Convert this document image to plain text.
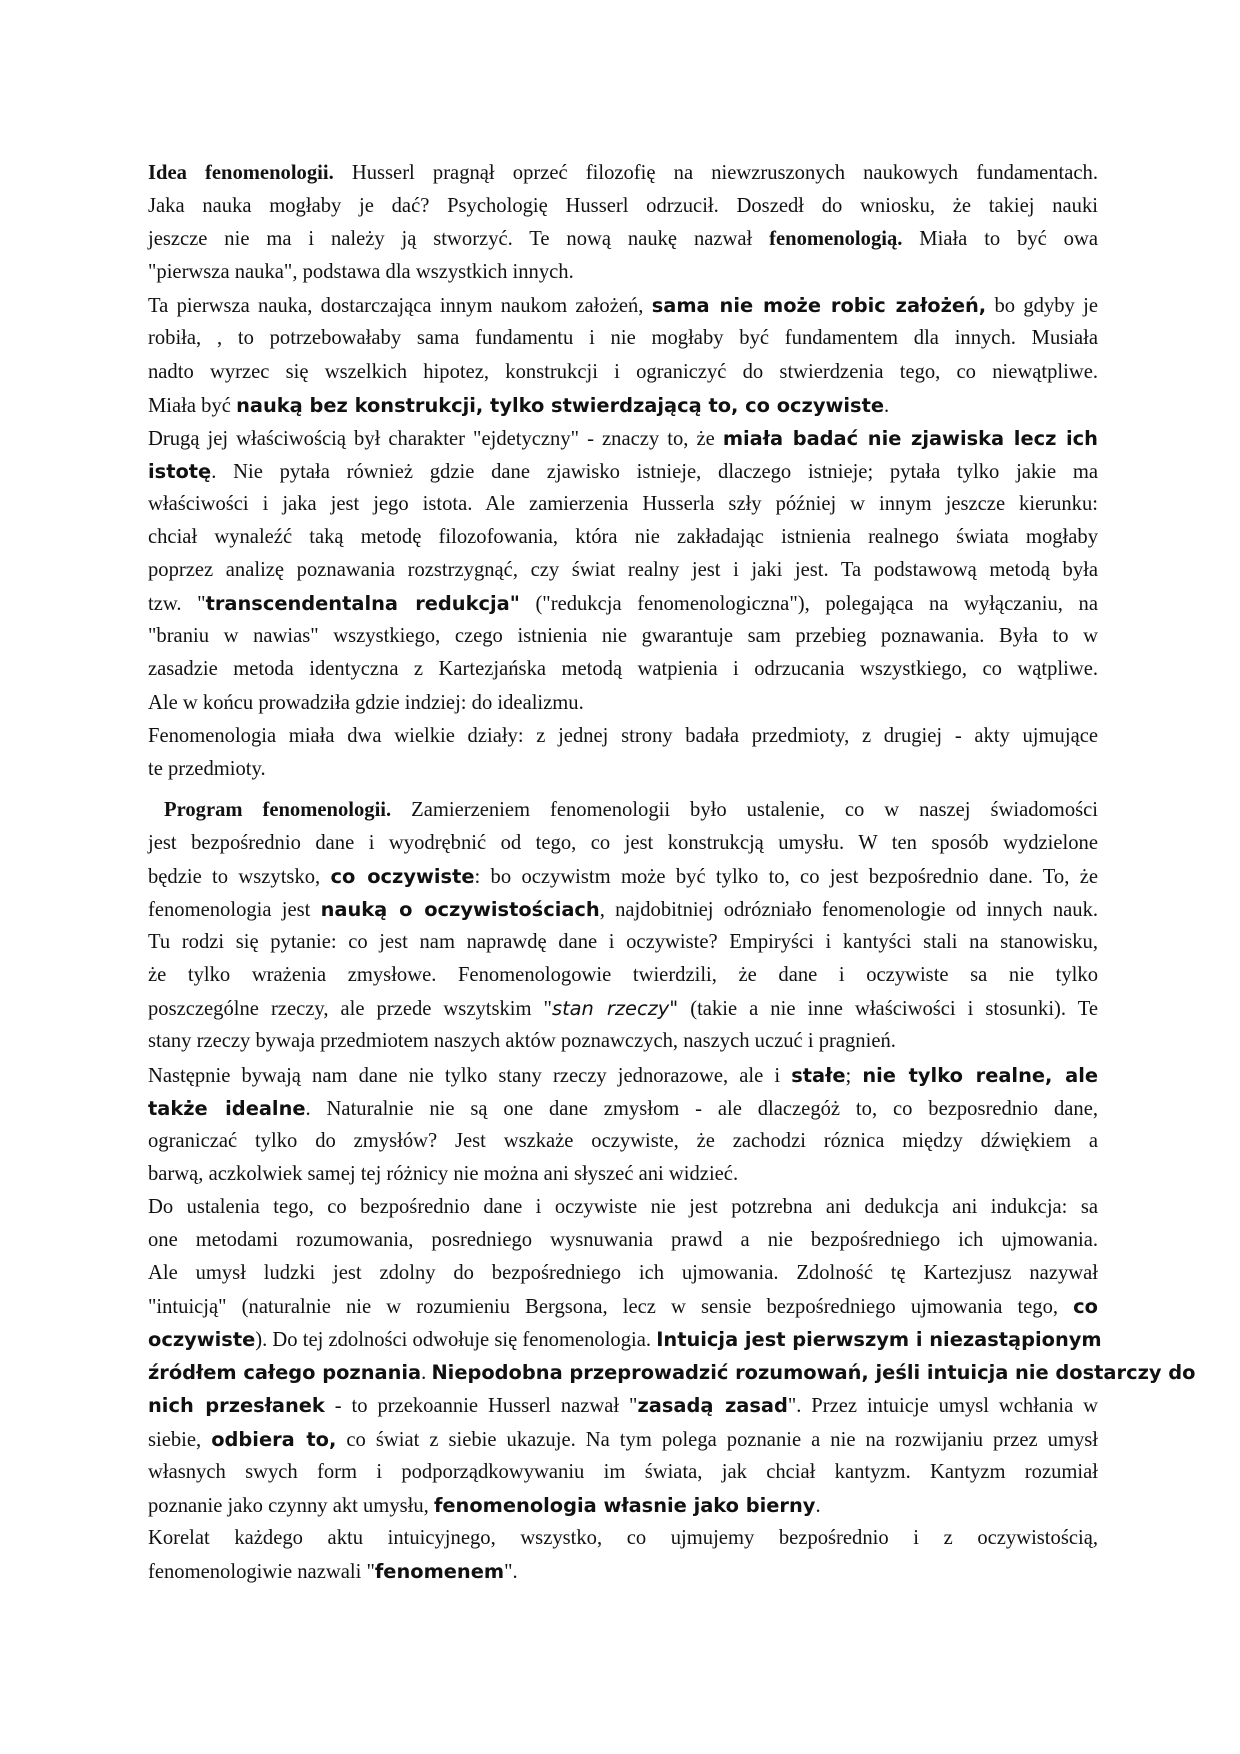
Idea fenomenologii. Husserl pragnął oprzeć filozofię na niewzruszonych naukowych fundamentach.
Jaka nauka mogłaby je dać? Psychologię Husserl odrzucił. Doszedł do wniosku, że takiej nauki
jeszcze nie ma i należy ją stworzyć. Te nową naukę nazwał fenomenologią. Miała to być owa
"pierwsza nauka", podstawa dla wszystkich innych.
Ta pierwsza nauka, dostarczająca innym naukom założeń, sama nie może robic założeń, bo gdyby je
robiła, , to potrzebowałaby sama fundamentu i nie mogłaby być fundamentem dla innych. Musiała
nadto wyrzec się wszelkich hipotez, konstrukcji i ograniczyć do stwierdzenia tego, co niewątpliwe.
Miała być nauką bez konstrukcji, tylko stwierdzającą to, co oczywiste.
Drugą jej właściwością był charakter "ejdetyczny" - znaczy to, że miała badać nie zjawiska lecz ich
istotę. Nie pytała również gdzie dane zjawisko istnieje, dlaczego istnieje; pytała tylko jakie ma
właściwości i jaka jest jego istota. Ale zamierzenia Husserla szły później w innym jeszcze kierunku:
chciał wynaleźć taką metodę filozofowania, która nie zakładając istnienia realnego świata mogłaby
poprzez analizę poznawania rozstrzygnąć, czy świat realny jest i jaki jest. Ta podstawową metodą była
tzw. "transcendentalna redukcja" ("redukcja fenomenologiczna"), polegająca na wyłączaniu, na
"braniu w nawias" wszystkiego, czego istnienia nie gwarantuje sam przebieg poznawania. Była to w
zasadzie metoda identyczna z Kartezjańska metodą watpienia i odrzucania wszystkiego, co wątpliwe.
Ale w końcu prowadziła gdzie indziej: do idealizmu.
Fenomenologia miała dwa wielkie działy: z jednej strony badała przedmioty, z drugiej - akty ujmujące
te przedmioty.
Program fenomenologii. Zamierzeniem fenomenologii było ustalenie, co w naszej świadomości
jest bezpośrednio dane i wyodrębnić od tego, co jest konstrukcją umysłu. W ten sposób wydzielone
będzie to wszytsko, co oczywiste: bo oczywistm może być tylko to, co jest bezpośrednio dane. To, że
fenomenologia jest nauką o oczywistościach, najdobitniej odrózniało fenomenologie od innych nauk.
Tu rodzi się pytanie: co jest nam naprawdę dane i oczywiste? Empiryści i kantyści stali na stanowisku,
że tylko wrażenia zmysłowe. Fenomenologowie twierdzili, że dane i oczywiste sa nie tylko
poszczególne rzeczy, ale przede wszytskim "stan rzeczy" (takie a nie inne właściwości i stosunki). Te
stany rzeczy bywaja przedmiotem naszych aktów poznawczych, naszych uczuć i pragnień.
Następnie bywają nam dane nie tylko stany rzeczy jednorazowe, ale i stałe; nie tylko realne, ale
także idealne. Naturalnie nie są one dane zmysłom - ale dlaczegóż to, co bezposrednio dane,
ograniczać tylko do zmysłów? Jest wszkaże oczywiste, że zachodzi róznica między dźwiękiem a
barwą, aczkolwiek samej tej różnicy nie można ani słyszeć ani widzieć.
Do ustalenia tego, co bezpośrednio dane i oczywiste nie jest potzrebna ani dedukcja ani indukcja: sa
one metodami rozumowania, posredniego wysnuwania prawd a nie bezpośredniego ich ujmowania.
Ale umysł ludzki jest zdolny do bezpośredniego ich ujmowania. Zdolność tę Kartezjusz nazywał
"intuicją" (naturalnie nie w rozumieniu Bergsona, lecz w sensie bezpośredniego ujmowania tego, co
oczywiste). Do tej zdolności odwołuje się fenomenologia. Intuicja jest pierwszym i niezastąpionym
źródłem całego poznania. Niepodobna przeprowadzić rozumowań, jeśli intuicja nie dostarczy do
nich przesłanek - to przekoannie Husserl nazwał "zasadą zasad". Przez intuicje umysl wchłania w
siebie, odbiera to, co świat z siebie ukazuje. Na tym polega poznanie a nie na rozwijaniu przez umysł
własnych swych form i podporządkowywaniu im świata, jak chciał kantyzm. Kantyzm rozumiał
poznanie jako czynny akt umysłu, fenomenologia własnie jako bierny.
Korelat każdego aktu intuicyjnego, wszystko, co ujmujemy bezpośrednio i z oczywistością,
fenomenologiwie nazwali "fenomenem".
